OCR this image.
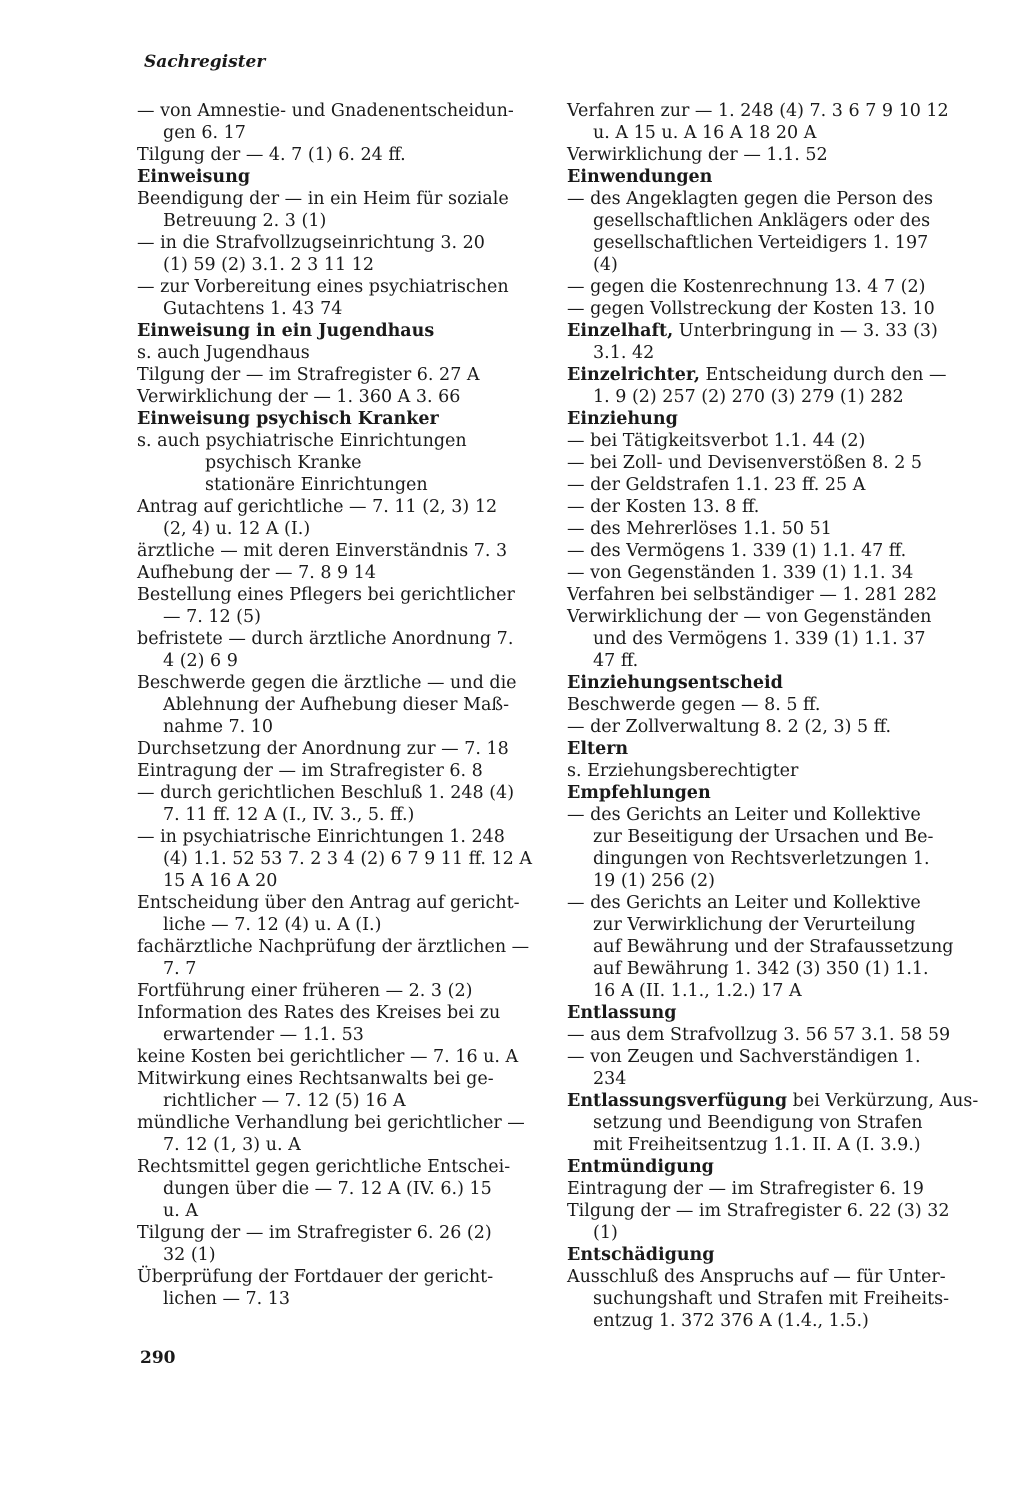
Sachregister
— von Amnestie- und Gnadenentscheidun-
gen 6. 17
Tilgung der — 4. 7 (1) 6. 24 ff.
Einweisung
Beendigung der — in ein Heim für soziale
Betreuung 2. 3 (1)
— in die Strafvollzugseinrichtung 3. 20
(1) 59 (2) 3.1. 2 3 11 12
— zur Vorbereitung eines psychiatrischen
Gutachtens 1. 43 74
Einweisung in ein Jugendhaus
s. auch Jugendhaus
Tilgung der — im Strafregister 6. 27 A
Verwirklichung der — 1. 360 A 3. 66
Einweisung psychisch Kranker
s. auch psychiatrische Einrichtungen
psychisch Kranke
stationäre Einrichtungen
Antrag auf gerichtliche — 7. 11 (2, 3) 12
(2, 4) u. 12 A (I.)
ärztliche — mit deren Einverständnis 7. 3
Aufhebung der — 7. 8 9 14
Bestellung eines Pflegers bei gerichtlicher
— 7. 12 (5)
befristete — durch ärztliche Anordnung 7.
4 (2) 6 9
Beschwerde gegen die ärztliche — und die
Ablehnung der Aufhebung dieser Maß-
nahme 7. 10
Durchsetzung der Anordnung zur — 7. 18
Eintragung der — im Strafregister 6. 8
— durch gerichtlichen Beschluß 1. 248 (4)
7. 11 ff. 12 A (I., IV. 3., 5. ff.)
— in psychiatrische Einrichtungen 1. 248
(4) 1.1. 52 53 7. 2 3 4 (2) 6 7 9 11 ff. 12 A
15 A 16 A 20
Entscheidung über den Antrag auf gericht-
liche — 7. 12 (4) u. A (I.)
fachärztliche Nachprüfung der ärztlichen —
7. 7
Fortführung einer früheren — 2. 3 (2)
Information des Rates des Kreises bei zu
erwartender — 1.1. 53
keine Kosten bei gerichtlicher — 7. 16 u. A
Mitwirkung eines Rechtsanwalts bei ge-
richtlicher — 7. 12 (5) 16 A
mündliche Verhandlung bei gerichtlicher —
7. 12 (1, 3) u. A
Rechtsmittel gegen gerichtliche Entschei-
dungen über die — 7. 12 A (IV. 6.) 15
u. A
Tilgung der — im Strafregister 6. 26 (2)
32 (1)
Überprüfung der Fortdauer der gericht-
lichen — 7. 13
Verfahren zur — 1. 248 (4) 7. 3 6 7 9 10 12
u. A 15 u. A 16 A 18 20 A
Verwirklichung der — 1.1. 52
Einwendungen
— des Angeklagten gegen die Person des
gesellschaftlichen Anklägers oder des
gesellschaftlichen Verteidigers 1. 197
(4)
— gegen die Kostenrechnung 13. 4 7 (2)
— gegen Vollstreckung der Kosten 13. 10
Einzelhaft, Unterbringung in — 3. 33 (3)
3.1. 42
Einzelrichter, Entscheidung durch den —
1. 9 (2) 257 (2) 270 (3) 279 (1) 282
Einziehung
— bei Tätigkeitsverbot 1.1. 44 (2)
— bei Zoll- und Devisenverstößen 8. 2 5
— der Geldstrafen 1.1. 23 ff. 25 A
— der Kosten 13. 8 ff.
— des Mehrerlöses 1.1. 50 51
— des Vermögens 1. 339 (1) 1.1. 47 ff.
— von Gegenständen 1. 339 (1) 1.1. 34
Verfahren bei selbständiger — 1. 281 282
Verwirklichung der — von Gegenständen
und des Vermögens 1. 339 (1) 1.1. 37
47 ff.
Einziehungsentscheid
Beschwerde gegen — 8. 5 ff.
— der Zollverwaltung 8. 2 (2, 3) 5 ff.
Eltern
s. Erziehungsberechtigter
Empfehlungen
— des Gerichts an Leiter und Kollektive
zur Beseitigung der Ursachen und Be-
dingungen von Rechtsverletzungen 1.
19 (1) 256 (2)
— des Gerichts an Leiter und Kollektive
zur Verwirklichung der Verurteilung
auf Bewährung und der Strafaussetzung
auf Bewährung 1. 342 (3) 350 (1) 1.1.
16 A (II. 1.1., 1.2.) 17 A
Entlassung
— aus dem Strafvollzug 3. 56 57 3.1. 58 59
— von Zeugen und Sachverständigen 1.
234
Entlassungsverfügung bei Verkürzung, Aus-
setzung und Beendigung von Strafen
mit Freiheitsentzug 1.1. II. A (I. 3.9.)
Entmündigung
Eintragung der — im Strafregister 6. 19
Tilgung der — im Strafregister 6. 22 (3) 32
(1)
Entschädigung
Ausschluß des Anspruchs auf — für Unter-
suchungshaft und Strafen mit Freiheits-
entzug 1. 372 376 A (1.4., 1.5.)
290
